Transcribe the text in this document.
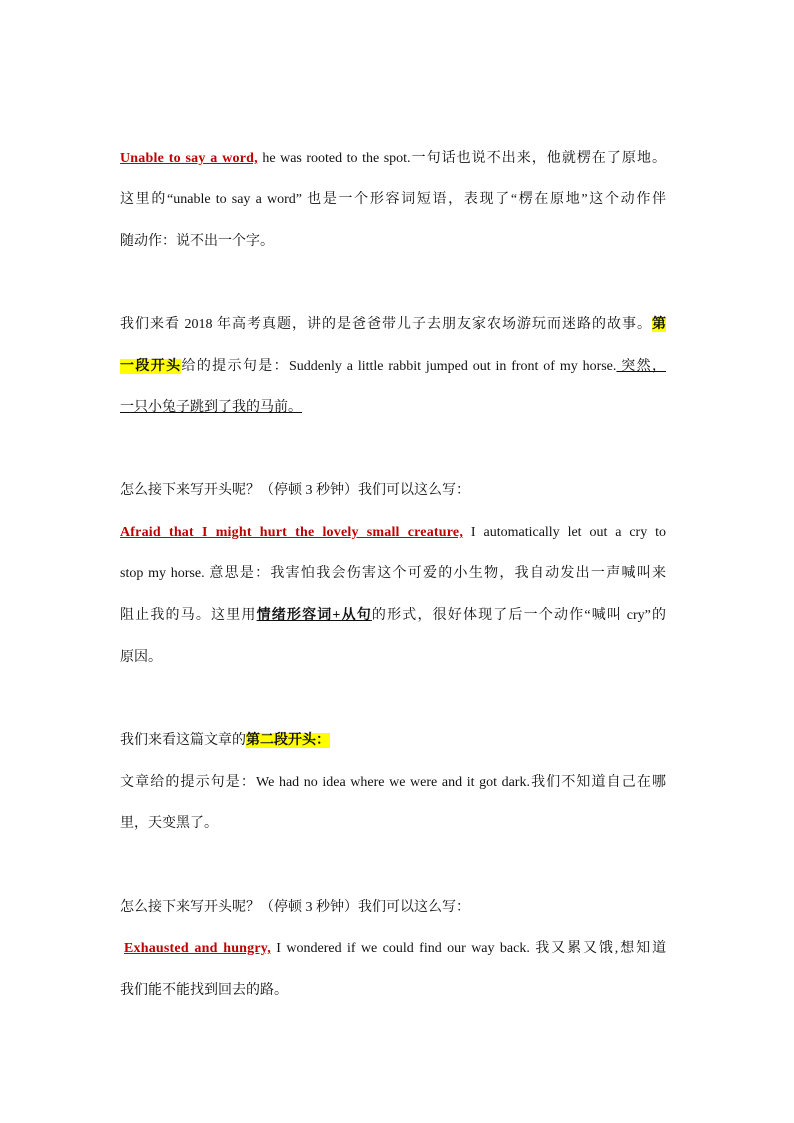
Unable to say a word, he was rooted to the spot.一句话也说不出来，他就楞在了原地。
这里的“unable to say a word” 也是一个形容词短语，表现了“楞在原地”这个动作伴
随动作：说不出一个字。
我们来看 2018 年高考真题，讲的是爸爸带儿子去朋友家农场游玩而迷路的故事。第
一段开头给的提示句是：Suddenly a little rabbit jumped out in front of my horse. 突然，
一只小兔子跳到了我的马前。
怎么接下来写开头呢？（停顿 3 秒钟）我们可以这么写：
Afraid that I might hurt the lovely small creature, I automatically let out a cry to
stop my horse. 意思是：我害怕我会伤害这个可爱的小生物，我自动发出一声喊叫来
阻止我的马。这里用情绪形容词+从句的形式，很好体现了后一个动作“喊叫 cry”的
原因。
我们来看这篇文章的第二段开头：
文章给的提示句是：We had no idea where we were and it got dark.我们不知道自己在哪
里，天变黑了。
怎么接下来写开头呢？（停顿 3 秒钟）我们可以这么写：
Exhausted and hungry, I wondered if we could find our way back. 我又累又饿,想知道
我们能不能找到回去的路。
